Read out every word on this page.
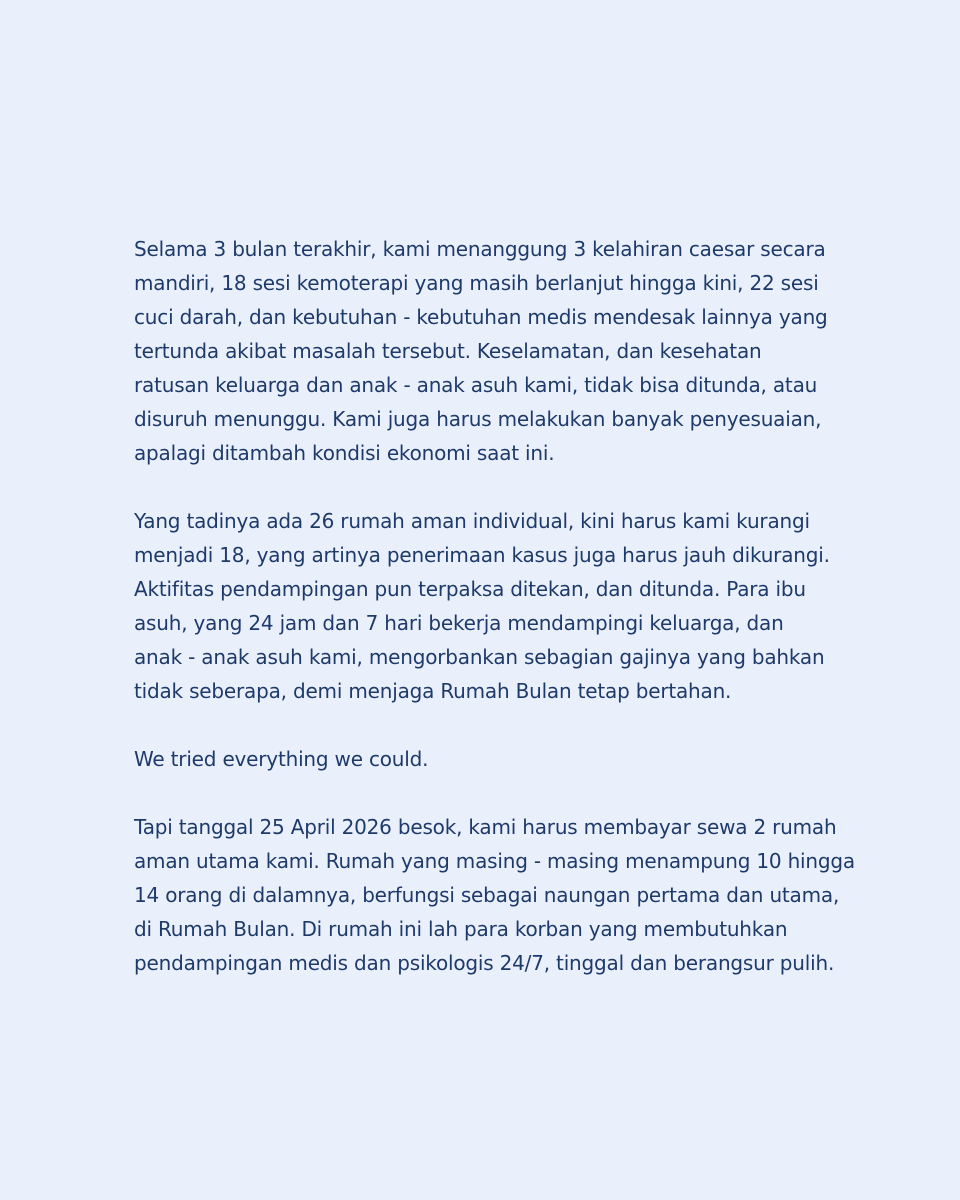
Selama 3 bulan terakhir, kami menanggung 3 kelahiran caesar secara
mandiri, 18 sesi kemoterapi yang masih berlanjut hingga kini, 22 sesi
cuci darah, dan kebutuhan - kebutuhan medis mendesak lainnya yang
tertunda akibat masalah tersebut. Keselamatan, dan kesehatan
ratusan keluarga dan anak - anak asuh kami, tidak bisa ditunda, atau
disuruh menunggu. Kami juga harus melakukan banyak penyesuaian,
apalagi ditambah kondisi ekonomi saat ini.

Yang tadinya ada 26 rumah aman individual, kini harus kami kurangi
menjadi 18, yang artinya penerimaan kasus juga harus jauh dikurangi.
Aktifitas pendampingan pun terpaksa ditekan, dan ditunda. Para ibu
asuh, yang 24 jam dan 7 hari bekerja mendampingi keluarga, dan
anak - anak asuh kami, mengorbankan sebagian gajinya yang bahkan
tidak seberapa, demi menjaga Rumah Bulan tetap bertahan.

We tried everything we could.

Tapi tanggal 25 April 2026 besok, kami harus membayar sewa 2 rumah
aman utama kami. Rumah yang masing - masing menampung 10 hingga
14 orang di dalamnya, berfungsi sebagai naungan pertama dan utama,
di Rumah Bulan. Di rumah ini lah para korban yang membutuhkan
pendampingan medis dan psikologis 24/7, tinggal dan berangsur pulih.
